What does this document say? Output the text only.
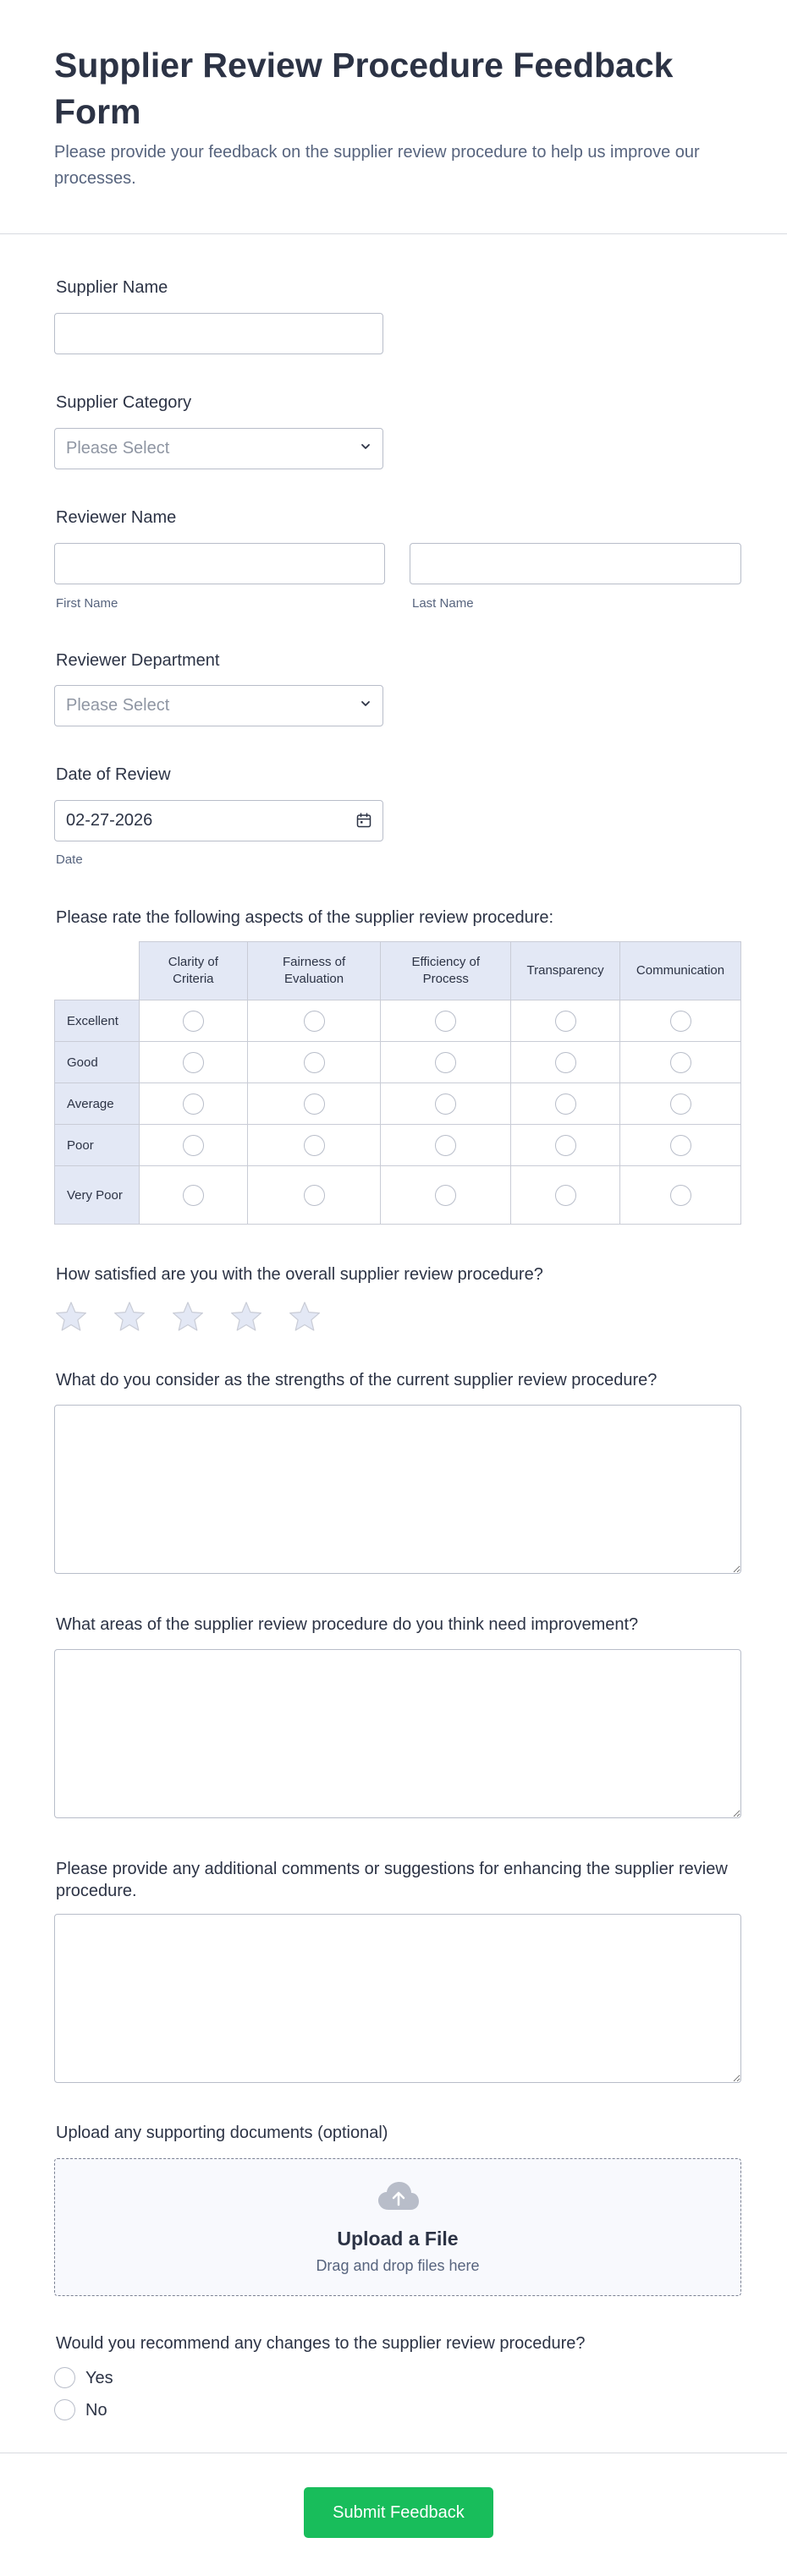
Supplier Review Procedure Feedback Form

Please provide your feedback on the supplier review procedure to help us improve our processes.

Supplier Name
Supplier Category
Please Select
Reviewer Name
First Name	Last Name
Reviewer Department
Please Select
Date of Review
02-27-2026
Date
Please rate the following aspects of the supplier review procedure:
	Clarity of Criteria	Fairness of Evaluation	Efficiency of Process	Transparency	Communication
Excellent					
Good					
Average					
Poor					
Very Poor					
How satisfied are you with the overall supplier review procedure?
What do you consider as the strengths of the current supplier review procedure?
What areas of the supplier review procedure do you think need improvement?
Please provide any additional comments or suggestions for enhancing the supplier review procedure.
Upload any supporting documents (optional)
Upload a File
Drag and drop files here
Would you recommend any changes to the supplier review procedure?
Yes
No
Submit Feedback
